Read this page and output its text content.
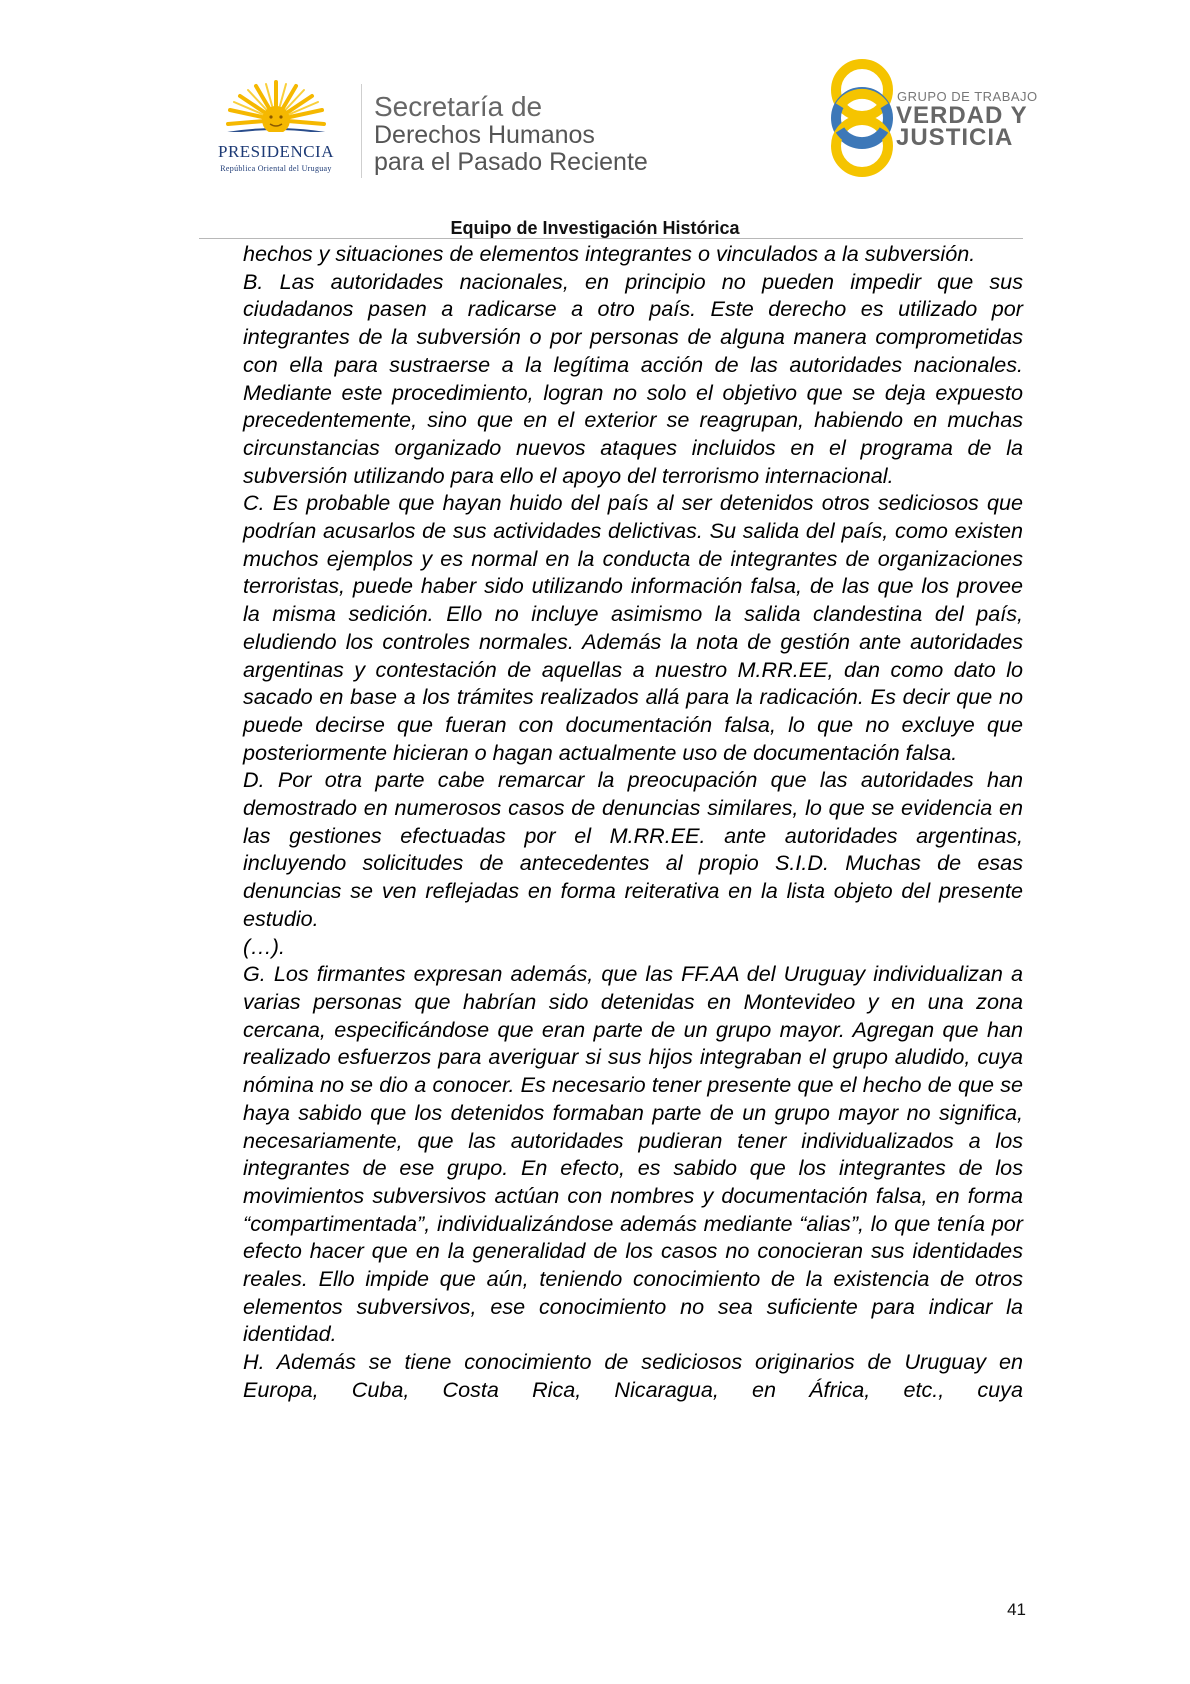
PRESIDENCIA
República Oriental del Uruguay
Secretaría de
Derechos Humanos
para el Pasado Reciente
GRUPO DE TRABAJO
VERDAD Y
JUSTICIA
Equipo de Investigación Histórica

hechos y situaciones de elementos integrantes o vinculados a la subversión.

B. Las autoridades nacionales, en principio no pueden impedir que sus ciudadanos pasen a radicarse a otro país. Este derecho es utilizado por integrantes de la subversión o por personas de alguna manera comprometidas con ella para sustraerse a la legítima acción de las autoridades nacionales. Mediante este procedimiento, logran no solo el objetivo que se deja expuesto precedentemente, sino que en el exterior se reagrupan, habiendo en muchas circunstancias organizado nuevos ataques incluidos en el programa de la subversión utilizando para ello el apoyo del terrorismo internacional.

C. Es probable que hayan huido del país al ser detenidos otros sediciosos que podrían acusarlos de sus actividades delictivas. Su salida del país, como existen muchos ejemplos y es normal en la conducta de integrantes de organizaciones terroristas, puede haber sido utilizando información falsa, de las que los provee la misma sedición. Ello no incluye asimismo la salida clandestina del país, eludiendo los controles normales. Además la nota de gestión ante autoridades argentinas y contestación de aquellas a nuestro M.RR.EE, dan como dato lo sacado en base a los trámites realizados allá para la radicación. Es decir que no puede decirse que fueran con documentación falsa, lo que no excluye que posteriormente hicieran o hagan actualmente uso de documentación falsa.

D. Por otra parte cabe remarcar la preocupación que las autoridades han demostrado en numerosos casos de denuncias similares, lo que se evidencia en las gestiones efectuadas por el M.RR.EE. ante autoridades argentinas, incluyendo solicitudes de antecedentes al propio S.I.D. Muchas de esas denuncias se ven reflejadas en forma reiterativa en la lista objeto del presente estudio.

(…).

G. Los firmantes expresan además, que las FF.AA del Uruguay individualizan a varias personas que habrían sido detenidas en Montevideo y en una zona cercana, especificándose que eran parte de un grupo mayor. Agregan que han realizado esfuerzos para averiguar si sus hijos integraban el grupo aludido, cuya nómina no se dio a conocer. Es necesario tener presente que el hecho de que se haya sabido que los detenidos formaban parte de un grupo mayor no significa, necesariamente, que las autoridades pudieran tener individualizados a los integrantes de ese grupo. En efecto, es sabido que los integrantes de los movimientos subversivos actúan con nombres y documentación falsa, en forma “compartimentada”, individualizándose además mediante “alias”, lo que tenía por efecto hacer que en la generalidad de los casos no conocieran sus identidades reales. Ello impide que aún, teniendo conocimiento de la existencia de otros elementos subversivos, ese conocimiento no sea suficiente para indicar la identidad.

H. Además se tiene conocimiento de sediciosos originarios de Uruguay en Europa, Cuba, Costa Rica, Nicaragua, en África, etc., cuya

41
